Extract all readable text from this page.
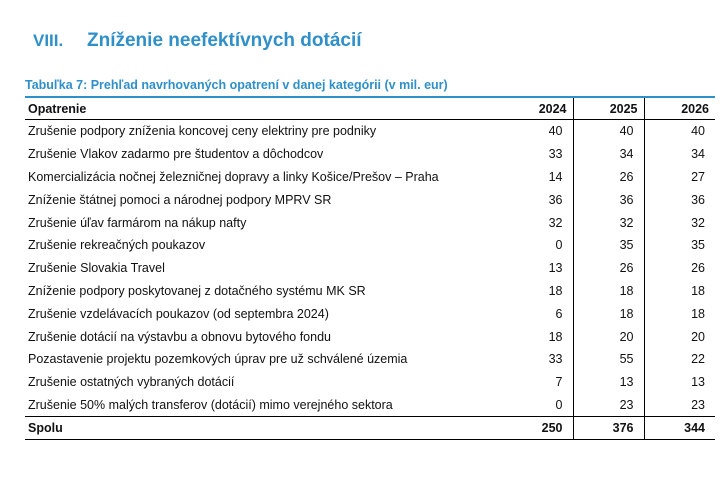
VIII.	Zníženie neefektívnych dotácií
Tabuľka 7: Prehľad navrhovaných opatrení v danej kategórii (v mil. eur)
Opatrenie	2024	2025	2026
Zrušenie podpory zníženia koncovej ceny elektriny pre podniky	40	40	40
Zrušenie Vlakov zadarmo pre študentov a dôchodcov	33	34	34
Komercializácia nočnej železničnej dopravy a linky Košice/Prešov – Praha	14	26	27
Zníženie štátnej pomoci a národnej podpory MPRV SR	36	36	36
Zrušenie úľav farmárom na nákup nafty	32	32	32
Zrušenie rekreačných poukazov	0	35	35
Zrušenie Slovakia Travel	13	26	26
Zníženie podpory poskytovanej z dotačného systému MK SR	18	18	18
Zrušenie vzdelávacích poukazov (od septembra 2024)	6	18	18
Zrušenie dotácií na výstavbu a obnovu bytového fondu	18	20	20
Pozastavenie projektu pozemkových úprav pre už schválené územia	33	55	22
Zrušenie ostatných vybraných dotácií	7	13	13
Zrušenie 50% malých transferov (dotácií) mimo verejného sektora	0	23	23
Spolu	250	376	344
